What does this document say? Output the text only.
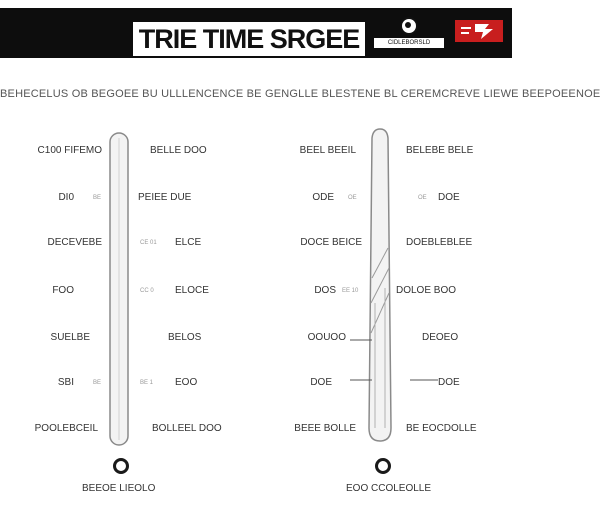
TRIE TIME SRGEE	CIDLEBORSLD
BEHECELUS OB BEGOEE BU ULLLENCENCE BE GENGLLE BLESTENE BL CEREMCREVE LIEWE BEEPOEENOE
C100 FIFEMO
DI0
DECEVEBE
FOO
SUELBE
SBI
POOLEBCEIL
BE
BE
CE 01
CC 0
BE 1
BELLE DOO
PEIEE DUE
ELCE
ELOCE
BELOS
EOO
BOLLEEL DOO
BEEOE LIEOLO
BEEL BEEIL
ODE
DOCE BEICE
DOS
OOUOO
DOE
BEEE BOLLE
OE
EE 10
OE
BELEBE BELE
DOE
DOEBLEBLEE
DOLOE BOO
DEOEO
DOE
BE EOCDOLLE
EOO CCOLEOLLE
